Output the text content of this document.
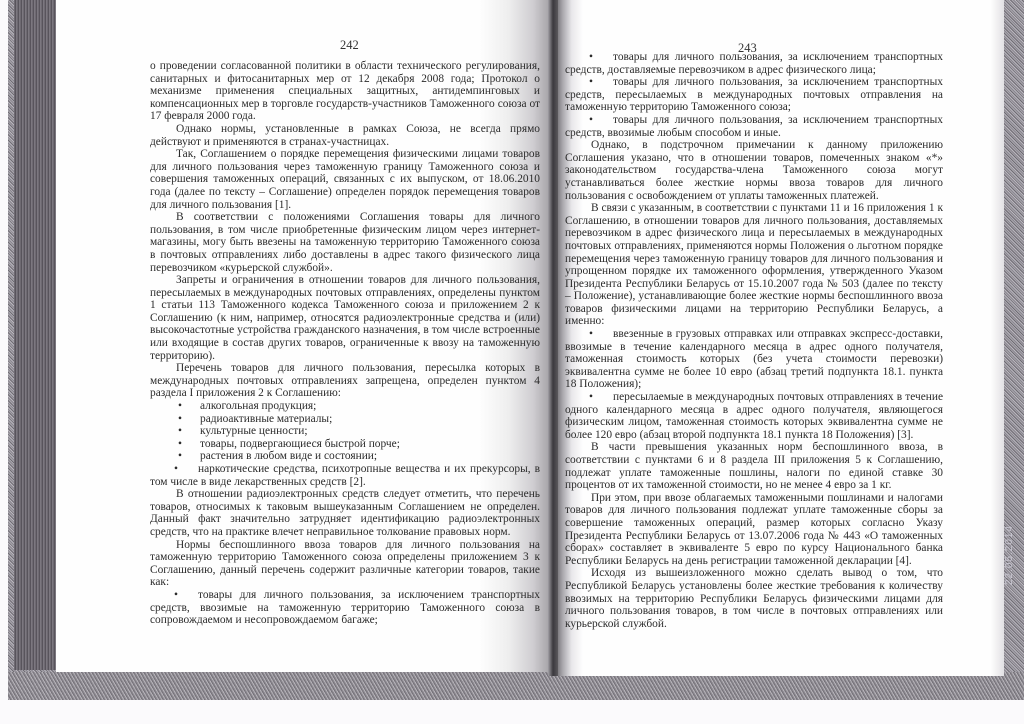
242	243

о проведении согласованной политики в области технического регулирования, санитарных и фитосанитарных мер от 12 декабря 2008 года; Протокол о механизме применения специальных защитных, антидемпинговых и компенсационных мер в торговле государств-участников Таможенного союза от 17 февраля 2000 года.

Однако нормы, установленные в рамках Союза, не всегда прямо действуют и применяются в странах-участницах.

Так, Соглашением о порядке перемещения физическими лицами товаров для личного пользования через таможенную границу Таможенного союза и совершения таможенных операций, связанных с их выпуском, от 18.06.2010 года (далее по тексту – Соглашение) определен порядок перемещения товаров для личного пользования [1].

В соответствии с положениями Соглашения товары для личного пользования, в том числе приобретенные физическим лицом через интернет-магазины, могу быть ввезены на таможенную территорию Таможенного союза в почтовых отправлениях либо доставлены в адрес такого физического лица перевозчиком «курьерской службой».

Запреты и ограничения в отношении товаров для личного пользования, пересылаемых в международных почтовых отправлениях, определены пунктом 1 статьи 113 Таможенного кодекса Таможенного союза и приложением 2 к Соглашению (к ним, например, относятся радиоэлектронные средства и (или) высокочастотные устройства гражданского назначения, в том числе встроенные или входящие в состав других товаров, ограниченные к ввозу на таможенную территорию).

Перечень товаров для личного пользования, пересылка которых в международных почтовых отправлениях запрещена, определен пунктом 4 раздела I приложения 2 к Соглашению:

• алкогольная продукция;
• радиоактивные материалы;
• культурные ценности;
• товары, подвергающиеся быстрой порче;
• растения в любом виде и состоянии;

• наркотические средства, психотропные вещества и их прекурсоры, в том числе в виде лекарственных средств [2].

В отношении радиоэлектронных средств следует отметить, что перечень товаров, относимых к таковым вышеуказанным Соглашением не определен. Данный факт значительно затрудняет идентификацию радиоэлектронных средств, что на практике влечет неправильное толкование правовых норм.

Нормы беспошлинного ввоза товаров для личного пользования на таможенную территорию Таможенного союза определены приложением 3 к Соглашению, данный перечень содержит различные категории товаров, такие как:

• товары для личного пользования, за исключением транспортных средств, ввозимые на таможенную территорию Таможенного союза в сопровождаемом и несопровождаемом багаже;

• товары для личного пользования, за исключением транспортных средств, доставляемые перевозчиком в адрес физического лица;

• товары для личного пользования, за исключением транспортных средств, пересылаемых в международных почтовых отправления на таможенную территорию Таможенного союза;

• товары для личного пользования, за исключением транспортных средств, ввозимые любым способом и иные.

Однако, в подстрочном примечании к данному приложению Соглашения указано, что в отношении товаров, помеченных знаком «*» законодательством государства-члена Таможенного союза могут устанавливаться более жесткие нормы ввоза товаров для личного пользования с освобождением от уплаты таможенных платежей.

В связи с указанным, в соответствии с пунктами 11 и 16 приложения 1 к Соглашению, в отношении товаров для личного пользования, доставляемых перевозчиком в адрес физического лица и пересылаемых в международных почтовых отправлениях, применяются нормы Положения о льготном порядке перемещения через таможенную границу товаров для личного пользования и упрощенном порядке их таможенного оформления, утвержденного Указом Президента Республики Беларусь от 15.10.2007 года № 503 (далее по тексту – Положение), устанавливающие более жесткие нормы беспошлинного ввоза товаров физическими лицами на территорию Республики Беларусь, а именно:

• ввезенные в грузовых отправках или отправках экспресс-доставки, ввозимые в течение календарного месяца в адрес одного получателя, таможенная стоимость которых (без учета стоимости перевозки) эквивалентна сумме не более 10 евро (абзац третий подпункта 18.1. пункта 18 Положения);

• пересылаемые в международных почтовых отправлениях в течение одного календарного месяца в адрес одного получателя, являющегося физическим лицом, таможенная стоимость которых эквивалентна сумме не более 120 евро (абзац второй подпункта 18.1 пункта 18 Положения) [3].

В части превышения указанных норм беспошлинного ввоза, в соответствии с пунктами 6 и 8 раздела III приложения 5 к Соглашению, подлежат уплате таможенные пошлины, налоги по единой ставке 30 процентов от их таможенной стоимости, но не менее 4 евро за 1 кг.

При этом, при ввозе облагаемых таможенными пошлинами и налогами товаров для личного пользования подлежат уплате таможенные сборы за совершение таможенных операций, размер которых согласно Указу Президента Республики Беларусь от 13.07.2006 года № 443 «О таможенных сборах» составляет в эквиваленте 5 евро по курсу Национального банка Республики Беларусь на день регистрации таможенной декларации [4].

Исходя из вышеизложенного можно сделать вывод о том, что Республикой Беларусь установлены более жесткие требования к количеству ввозимых на территорию Республики Беларусь физическими лицами для личного пользования товаров, в том числе в почтовых отправлениях или курьерской службой.

22.05.2014
